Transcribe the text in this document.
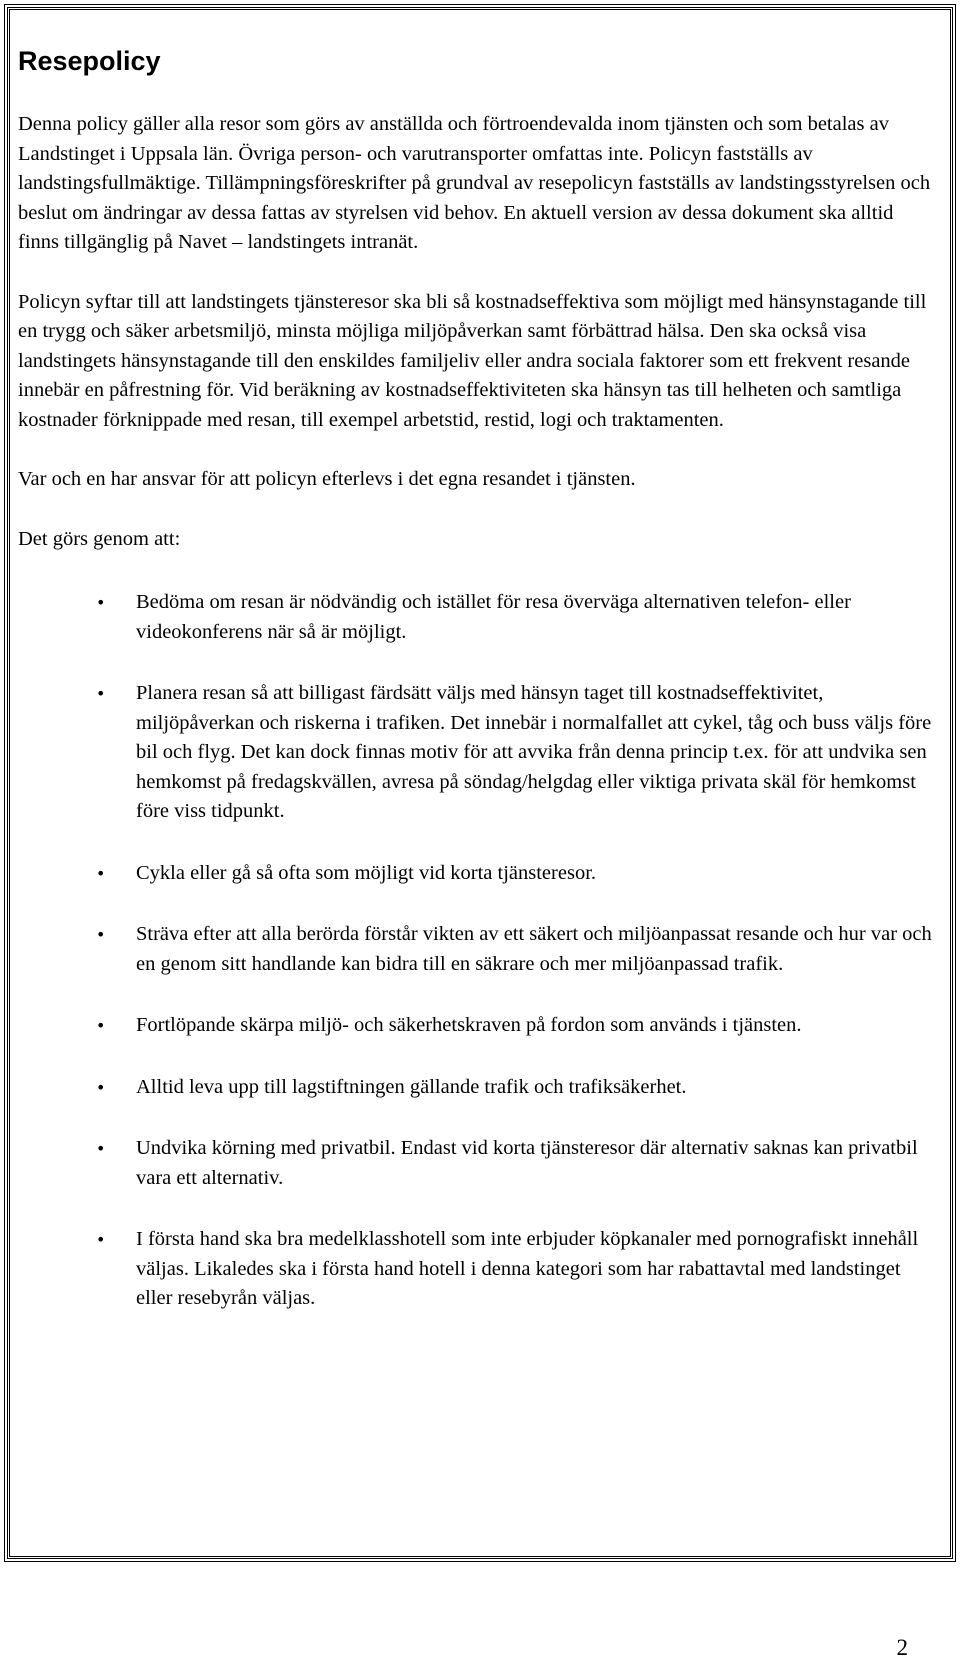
Resepolicy

Denna policy gäller alla resor som görs av anställda och förtroendevalda inom tjänsten och som betalas av Landstinget i Uppsala län. Övriga person- och varutransporter omfattas inte. Policyn fastställs av landstingsfullmäktige. Tillämpningsföreskrifter på grundval av resepolicyn fastställs av landstingsstyrelsen och beslut om ändringar av dessa fattas av styrelsen vid behov. En aktuell version av dessa dokument ska alltid finns tillgänglig på Navet – landstingets intranät.

Policyn syftar till att landstingets tjänsteresor ska bli så kostnadseffektiva som möjligt med hänsynstagande till en trygg och säker arbetsmiljö, minsta möjliga miljöpåverkan samt förbättrad hälsa. Den ska också visa landstingets hänsynstagande till den enskildes familjeliv eller andra sociala faktorer som ett frekvent resande innebär en påfrestning för. Vid beräkning av kostnadseffektiviteten ska hänsyn tas till helheten och samtliga kostnader förknippade med resan, till exempel arbetstid, restid, logi och traktamenten.

Var och en har ansvar för att policyn efterlevs i det egna resandet i tjänsten.

Det görs genom att:

• Bedöma om resan är nödvändig och istället för resa överväga alternativen telefon- eller videokonferens när så är möjligt.
• Planera resan så att billigast färdsätt väljs med hänsyn taget till kostnadseffektivitet, miljöpåverkan och riskerna i trafiken. Det innebär i normalfallet att cykel, tåg och buss väljs före bil och flyg. Det kan dock finnas motiv för att avvika från denna princip t.ex. för att undvika sen hemkomst på fredagskvällen, avresa på söndag/helgdag eller viktiga privata skäl för hemkomst före viss tidpunkt.
• Cykla eller gå så ofta som möjligt vid korta tjänsteresor.
• Sträva efter att alla berörda förstår vikten av ett säkert och miljöanpassat resande och hur var och en genom sitt handlande kan bidra till en säkrare och mer miljöanpassad trafik.
• Fortlöpande skärpa miljö- och säkerhetskraven på fordon som används i tjänsten.
• Alltid leva upp till lagstiftningen gällande trafik och trafiksäkerhet.
• Undvika körning med privatbil. Endast vid korta tjänsteresor där alternativ saknas kan privatbil vara ett alternativ.
• I första hand ska bra medelklasshotell som inte erbjuder köpkanaler med pornografiskt innehåll väljas. Likaledes ska i första hand hotell i denna kategori som har rabattavtal med landstinget eller resebyrån väljas.
2
